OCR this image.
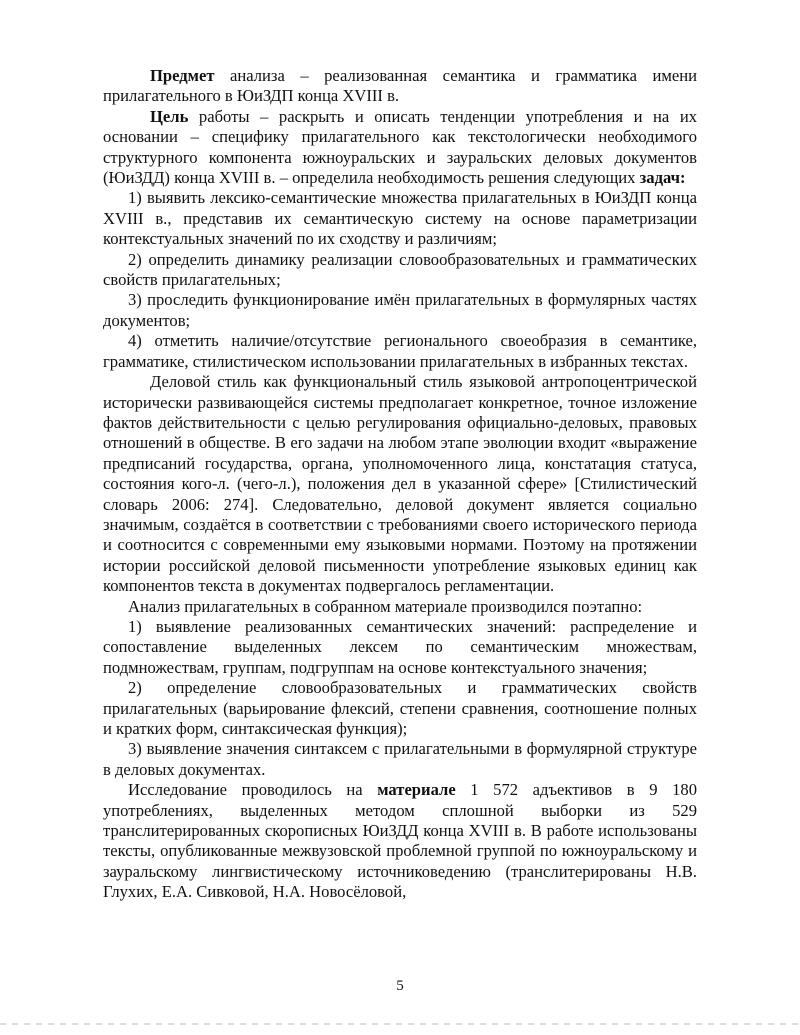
Предмет анализа – реализованная семантика и грамматика имени прилагательного в ЮиЗДП конца XVIII в.

Цель работы – раскрыть и описать тенденции употребления и на их основании – специфику прилагательного как текстологически необходимого структурного компонента южноуральских и зауральских деловых документов (ЮиЗДД) конца XVIII в. – определила необходимость решения следующих задач:

1) выявить лексико-семантические множества прилагательных в ЮиЗДП конца XVIII в., представив их семантическую систему на основе параметризации контекстуальных значений по их сходству и различиям;

2) определить динамику реализации словообразовательных и грамматических свойств прилагательных;

3) проследить функционирование имён прилагательных в формулярных частях документов;

4) отметить наличие/отсутствие регионального своеобразия в семантике, грамматике, стилистическом использовании прилагательных в избранных текстах.

Деловой стиль как функциональный стиль языковой антропоцентрической исторически развивающейся системы предполагает конкретное, точное изложение фактов действительности с целью регулирования официально-деловых, правовых отношений в обществе. В его задачи на любом этапе эволюции входит «выражение предписаний государства, органа, уполномоченного лица, констатация статуса, состояния кого-л. (чего-л.), положения дел в указанной сфере» [Стилистический словарь 2006: 274]. Следовательно, деловой документ является социально значимым, создаётся в соответствии с требованиями своего исторического периода и соотносится с современными ему языковыми нормами. Поэтому на протяжении истории российской деловой письменности употребление языковых единиц как компонентов текста в документах подвергалось регламентации.

Анализ прилагательных в собранном материале производился поэтапно:

1) выявление реализованных семантических значений: распределение и сопоставление выделенных лексем по семантическим множествам, подмножествам, группам, подгруппам на основе контекстуального значения;

2) определение словообразовательных и грамматических свойств прилагательных (варьирование флексий, степени сравнения, соотношение полных и кратких форм, синтаксическая функция);

3) выявление значения синтаксем с прилагательными в формулярной структуре в деловых документах.

Исследование проводилось на материале 1 572 адъективов в 9 180 употреблениях, выделенных методом сплошной выборки из 529 транслитерированных скорописных ЮиЗДД конца XVIII в. В работе использованы тексты, опубликованные межвузовской проблемной группой по южноуральскому и зауральскому лингвистическому источниковедению (транслитерированы Н.В. Глухих, Е.А. Сивковой, Н.А. Новосёловой,

5
